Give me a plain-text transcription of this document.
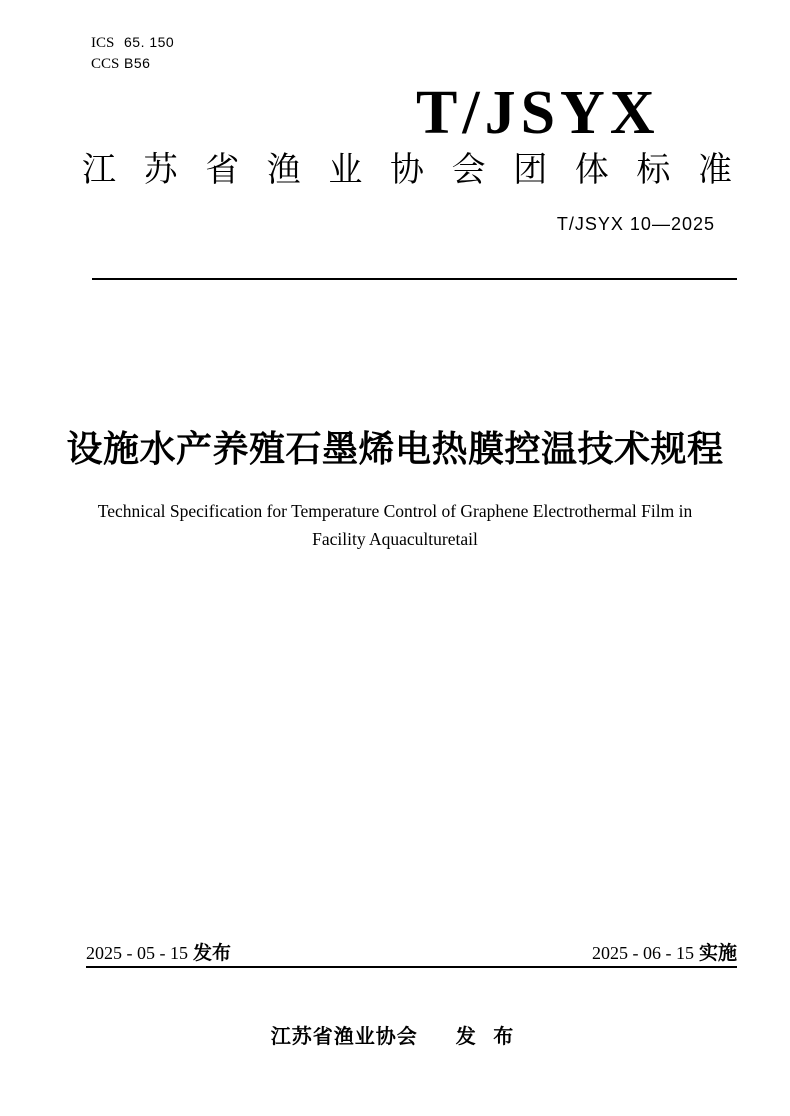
ICS 65. 150
CCS B56
T/JSYX
江 苏 省 渔 业 协 会 团 体 标 准
T/JSYX 10—2025
设施水产养殖石墨烯电热膜控温技术规程
Technical Specification for Temperature Control of Graphene Electrothermal Film in
Facility Aquaculturetail
2025 - 05 - 15 发布	2025 - 06 - 15 实施
江苏省渔业协会 发 布
